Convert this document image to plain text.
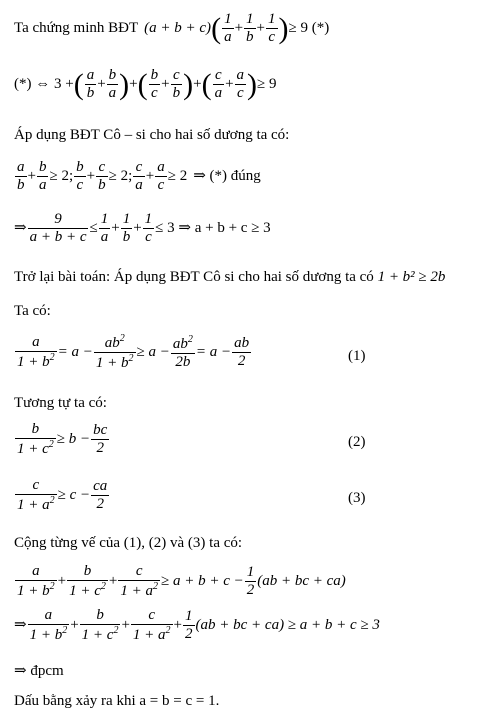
Ta chứng minh BĐT (a + b + c) ( $\frac{1}{a} + \frac{1}{b} + \frac{1}{c}$ ) ≥ 9 (*)
(*) ⇔ 3 + ( $\frac{a}{b} + \frac{b}{a}$ ) + ( $\frac{b}{c} + \frac{c}{b}$ ) + ( $\frac{c}{a} + \frac{a}{c}$ ) ≥ 9
Áp dụng BĐT Cô – si cho hai số dương ta có:
$\frac{a}{b} + \frac{b}{a} \ge 2$; $\frac{b}{c} + \frac{c}{b} \ge 2$; $\frac{c}{a} + \frac{a}{c} \ge 2$ ⇒ (*) đúng
⇒ $\frac{9}{a + b + c} \le \frac{1}{a} + \frac{1}{b} + \frac{1}{c} \le 3$ ⇒ a + b + c ≥ 3
Trở lại bài toán: Áp dụng BĐT Cô si cho hai số dương ta có 1 + b² ≥ 2b
Ta có:
$\frac{a}{1 + b^2} = a - \frac{ab^2}{1 + b^2} \ge a - \frac{ab^2}{2b} = a - \frac{ab}{2}$	(1)
Tương tự ta có:
$\frac{b}{1 + c^2} \ge b - \frac{bc}{2}$	(2)
$\frac{c}{1 + a^2} \ge c - \frac{ca}{2}$	(3)
Cộng từng vế của (1), (2) và (3) ta có:
$\frac{a}{1 + b^2} + \frac{b}{1 + c^2} + \frac{c}{1 + a^2} \ge a + b + c - \frac{1}{2} (ab$ + bc + ca)
⇒ $\frac{a}{1 + b^2} + \frac{b}{1 + c^2} + \frac{c}{1 + a^2} + \frac{1}{2} (ab$ + bc + ca) ≥ a + b + c ≥ 3
⇒ đpcm
Dấu bằng xảy ra khi a = b = c = 1.
